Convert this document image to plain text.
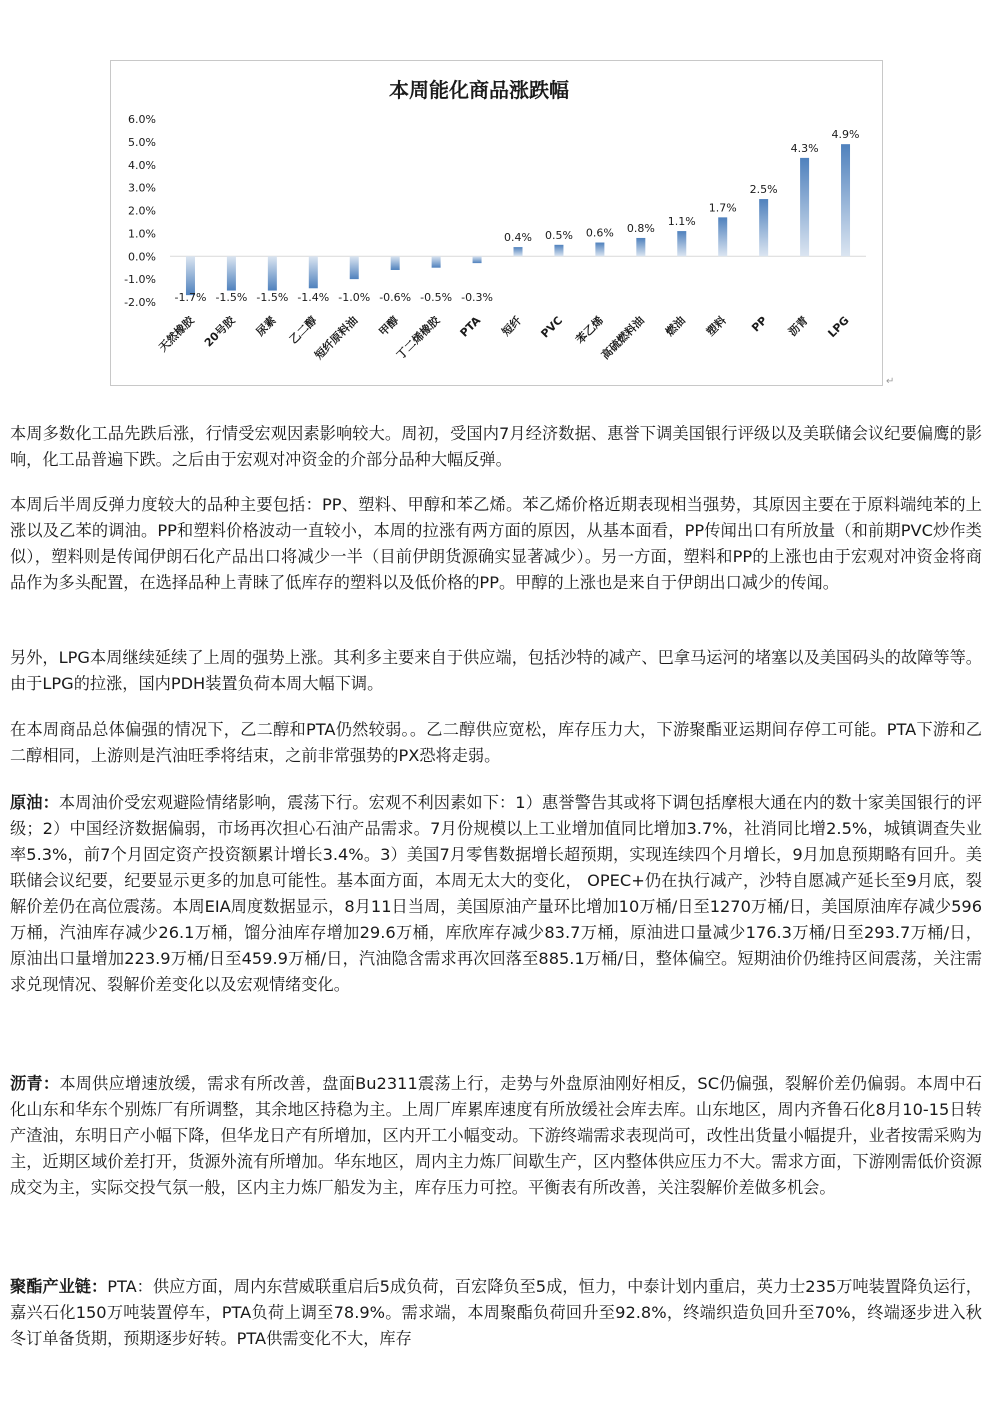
本周能化商品涨跌幅
6.0%
5.0%
4.0%
3.0%
2.0%
1.0%
0.0%
-1.0%
-2.0% -1.7%
天然橡胶
-1.5%
20号胶
-1.5%
尿素
-1.4%
乙二醇
-1.0%
短纤原料油
-0.6%
甲醇
-0.5%
丁二烯橡胶
-0.3%
PTA
0.4%
短纤
0.5%
PVC
0.6%
苯乙烯
0.8%
高硫燃料油
1.1%
燃油
1.7%
塑料
2.5%
PP
4.3%
沥青
4.9%
LPG
↵

本周多数化工品先跌后涨，行情受宏观因素影响较大。周初，受国内7月经济数据、惠誉下调美国银行评级以及美联储会议纪要偏鹰的影响，化工品普遍下跌。之后由于宏观对冲资金的介部分品种大幅反弹。

本周后半周反弹力度较大的品种主要包括：PP、塑料、甲醇和苯乙烯。苯乙烯价格近期表现相当强势，其原因主要在于原料端纯苯的上涨以及乙苯的调油。PP和塑料价格波动一直较小，本周的拉涨有两方面的原因，从基本面看，PP传闻出口有所放量（和前期PVC炒作类似），塑料则是传闻伊朗石化产品出口将减少一半（目前伊朗货源确实显著减少）。另一方面，塑料和PP的上涨也由于宏观对冲资金将商品作为多头配置，在选择品种上青睐了低库存的塑料以及低价格的PP。甲醇的上涨也是来自于伊朗出口减少的传闻。

另外，LPG本周继续延续了上周的强势上涨。其利多主要来自于供应端，包括沙特的减产、巴拿马运河的堵塞以及美国码头的故障等等。由于LPG的拉涨，国内PDH装置负荷本周大幅下调。

在本周商品总体偏强的情况下，乙二醇和PTA仍然较弱。。乙二醇供应宽松，库存压力大，下游聚酯亚运期间存停工可能。PTA下游和乙二醇相同，上游则是汽油旺季将结束，之前非常强势的PX恐将走弱。

原油：本周油价受宏观避险情绪影响，震荡下行。宏观不利因素如下：1）惠誉警告其或将下调包括摩根大通在内的数十家美国银行的评级；2）中国经济数据偏弱，市场再次担心石油产品需求。7月份规模以上工业增加值同比增加3.7%，社消同比增2.5%，城镇调查失业率5.3%，前7个月固定资产投资额累计增长3.4%。3）美国7月零售数据增长超预期，实现连续四个月增长，9月加息预期略有回升。美联储会议纪要，纪要显示更多的加息可能性。基本面方面，本周无太大的变化， OPEC+仍在执行减产，沙特自愿减产延长至9月底，裂解价差仍在高位震荡。本周EIA周度数据显示，8月11日当周，美国原油产量环比增加10万桶/日至1270万桶/日，美国原油库存减少596万桶，汽油库存减少26.1万桶，馏分油库存增加29.6万桶，库欣库存减少83.7万桶，原油进口量减少176.3万桶/日至293.7万桶/日，原油出口量增加223.9万桶/日至459.9万桶/日，汽油隐含需求再次回落至885.1万桶/日，整体偏空。短期油价仍维持区间震荡，关注需求兑现情况、裂解价差变化以及宏观情绪变化。

沥青：本周供应增速放缓，需求有所改善，盘面Bu2311震荡上行，走势与外盘原油刚好相反，SC仍偏强，裂解价差仍偏弱。本周中石化山东和华东个别炼厂有所调整，其余地区持稳为主。上周厂库累库速度有所放缓社会库去库。山东地区，周内齐鲁石化8月10-15日转产渣油，东明日产小幅下降，但华龙日产有所增加，区内开工小幅变动。下游终端需求表现尚可，改性出货量小幅提升，业者按需采购为主，近期区域价差打开，货源外流有所增加。华东地区，周内主力炼厂间歇生产，区内整体供应压力不大。需求方面，下游刚需低价资源成交为主，实际交投气氛一般，区内主力炼厂船发为主，库存压力可控。平衡表有所改善，关注裂解价差做多机会。

聚酯产业链：PTA：供应方面，周内东营威联重启后5成负荷，百宏降负至5成，恒力，中泰计划内重启，英力士235万吨装置降负运行，嘉兴石化150万吨装置停车，PTA负荷上调至78.9%。需求端，本周聚酯负荷回升至92.8%，终端织造负回升至70%，终端逐步进入秋冬订单备货期，预期逐步好转。PTA供需变化不大，库存
